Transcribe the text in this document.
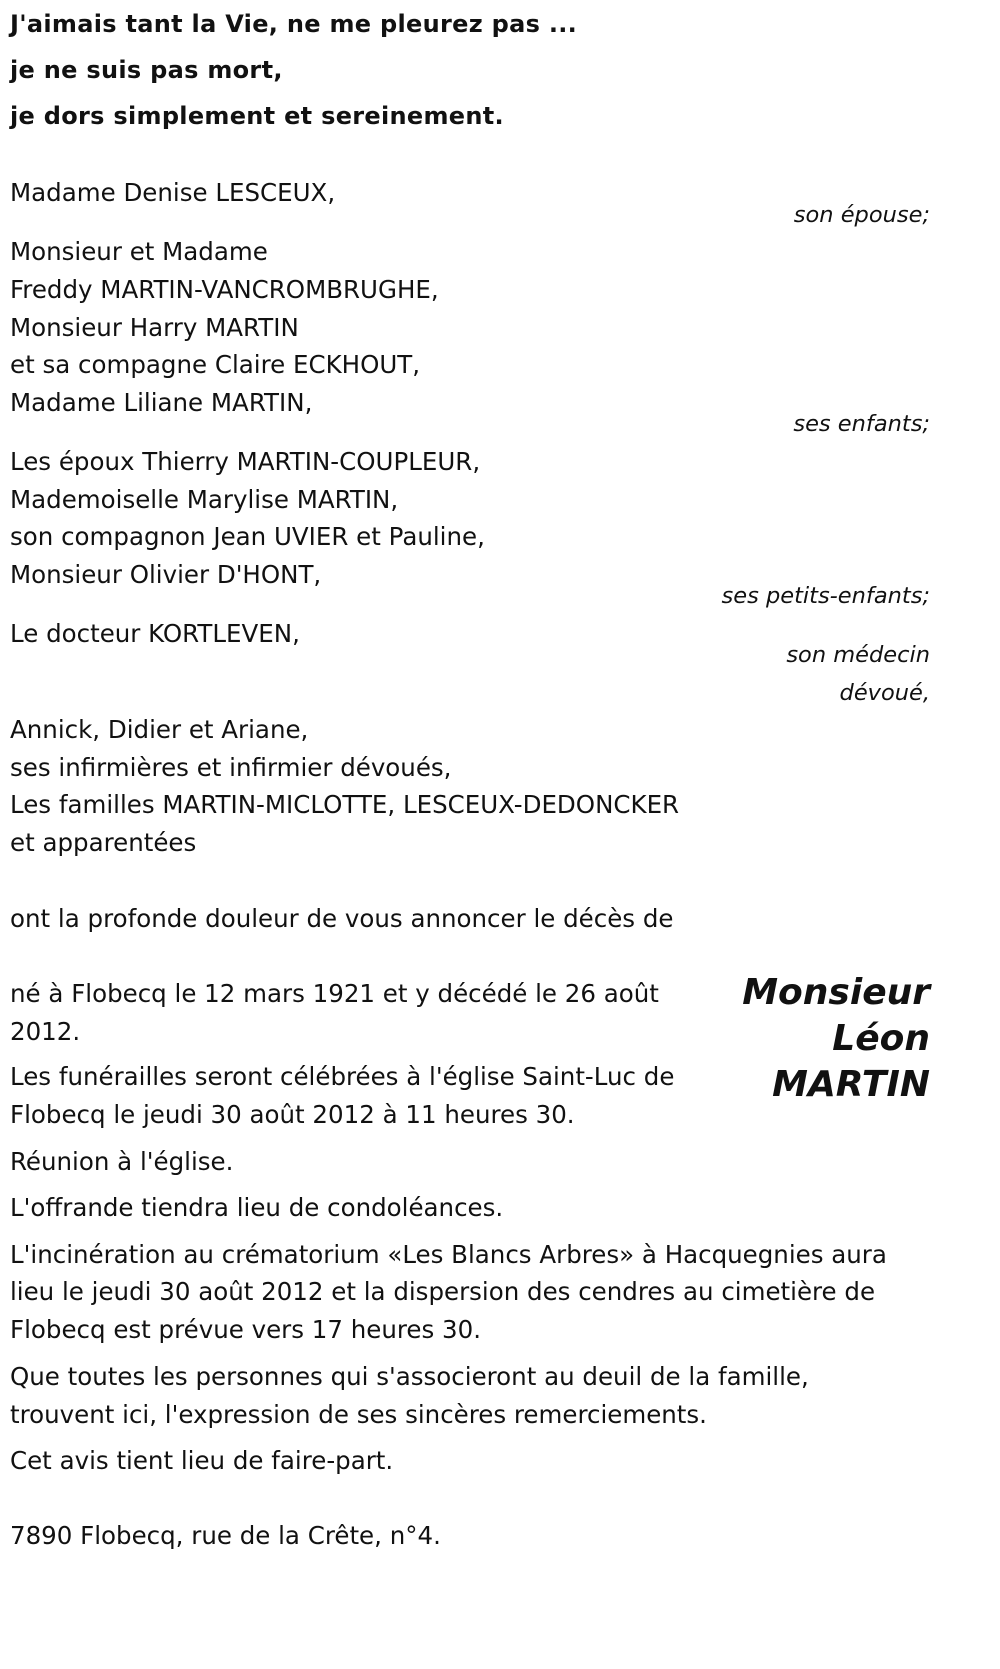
J'aimais tant la Vie, ne me pleurez pas ...
je ne suis pas mort,
je dors simplement et sereinement.
Madame Denise LESCEUX,
son épouse;
Monsieur et Madame
Freddy MARTIN-VANCROMBRUGHE,
Monsieur Harry MARTIN
et sa compagne Claire ECKHOUT,
Madame Liliane MARTIN,
ses enfants;
Les époux Thierry MARTIN-COUPLEUR,
Mademoiselle Marylise MARTIN,
son compagnon Jean UVIER et Pauline,
Monsieur Olivier D'HONT,
ses petits-enfants;
Le docteur KORTLEVEN,
son médecin
dévoué,
Annick, Didier et Ariane,
ses infirmières et infirmier dévoués,
Les familles MARTIN-MICLOTTE, LESCEUX-DEDONCKER
et apparentées
ont la profonde douleur de vous annoncer le décès de
Monsieur
Léon
MARTIN
né à Flobecq le 12 mars 1921 et y décédé le 26 août
2012.
Les funérailles seront célébrées à l'église Saint-Luc de
Flobecq le jeudi 30 août 2012 à 11 heures 30.
Réunion à l'église.
L'offrande tiendra lieu de condoléances.
L'incinération au crématorium «Les Blancs Arbres» à Hacquegnies aura
lieu le jeudi 30 août 2012 et la dispersion des cendres au cimetière de
Flobecq est prévue vers 17 heures 30.
Que toutes les personnes qui s'associeront au deuil de la famille,
trouvent ici, l'expression de ses sincères remerciements.
Cet avis tient lieu de faire-part.
7890 Flobecq, rue de la Crête, n°4.
